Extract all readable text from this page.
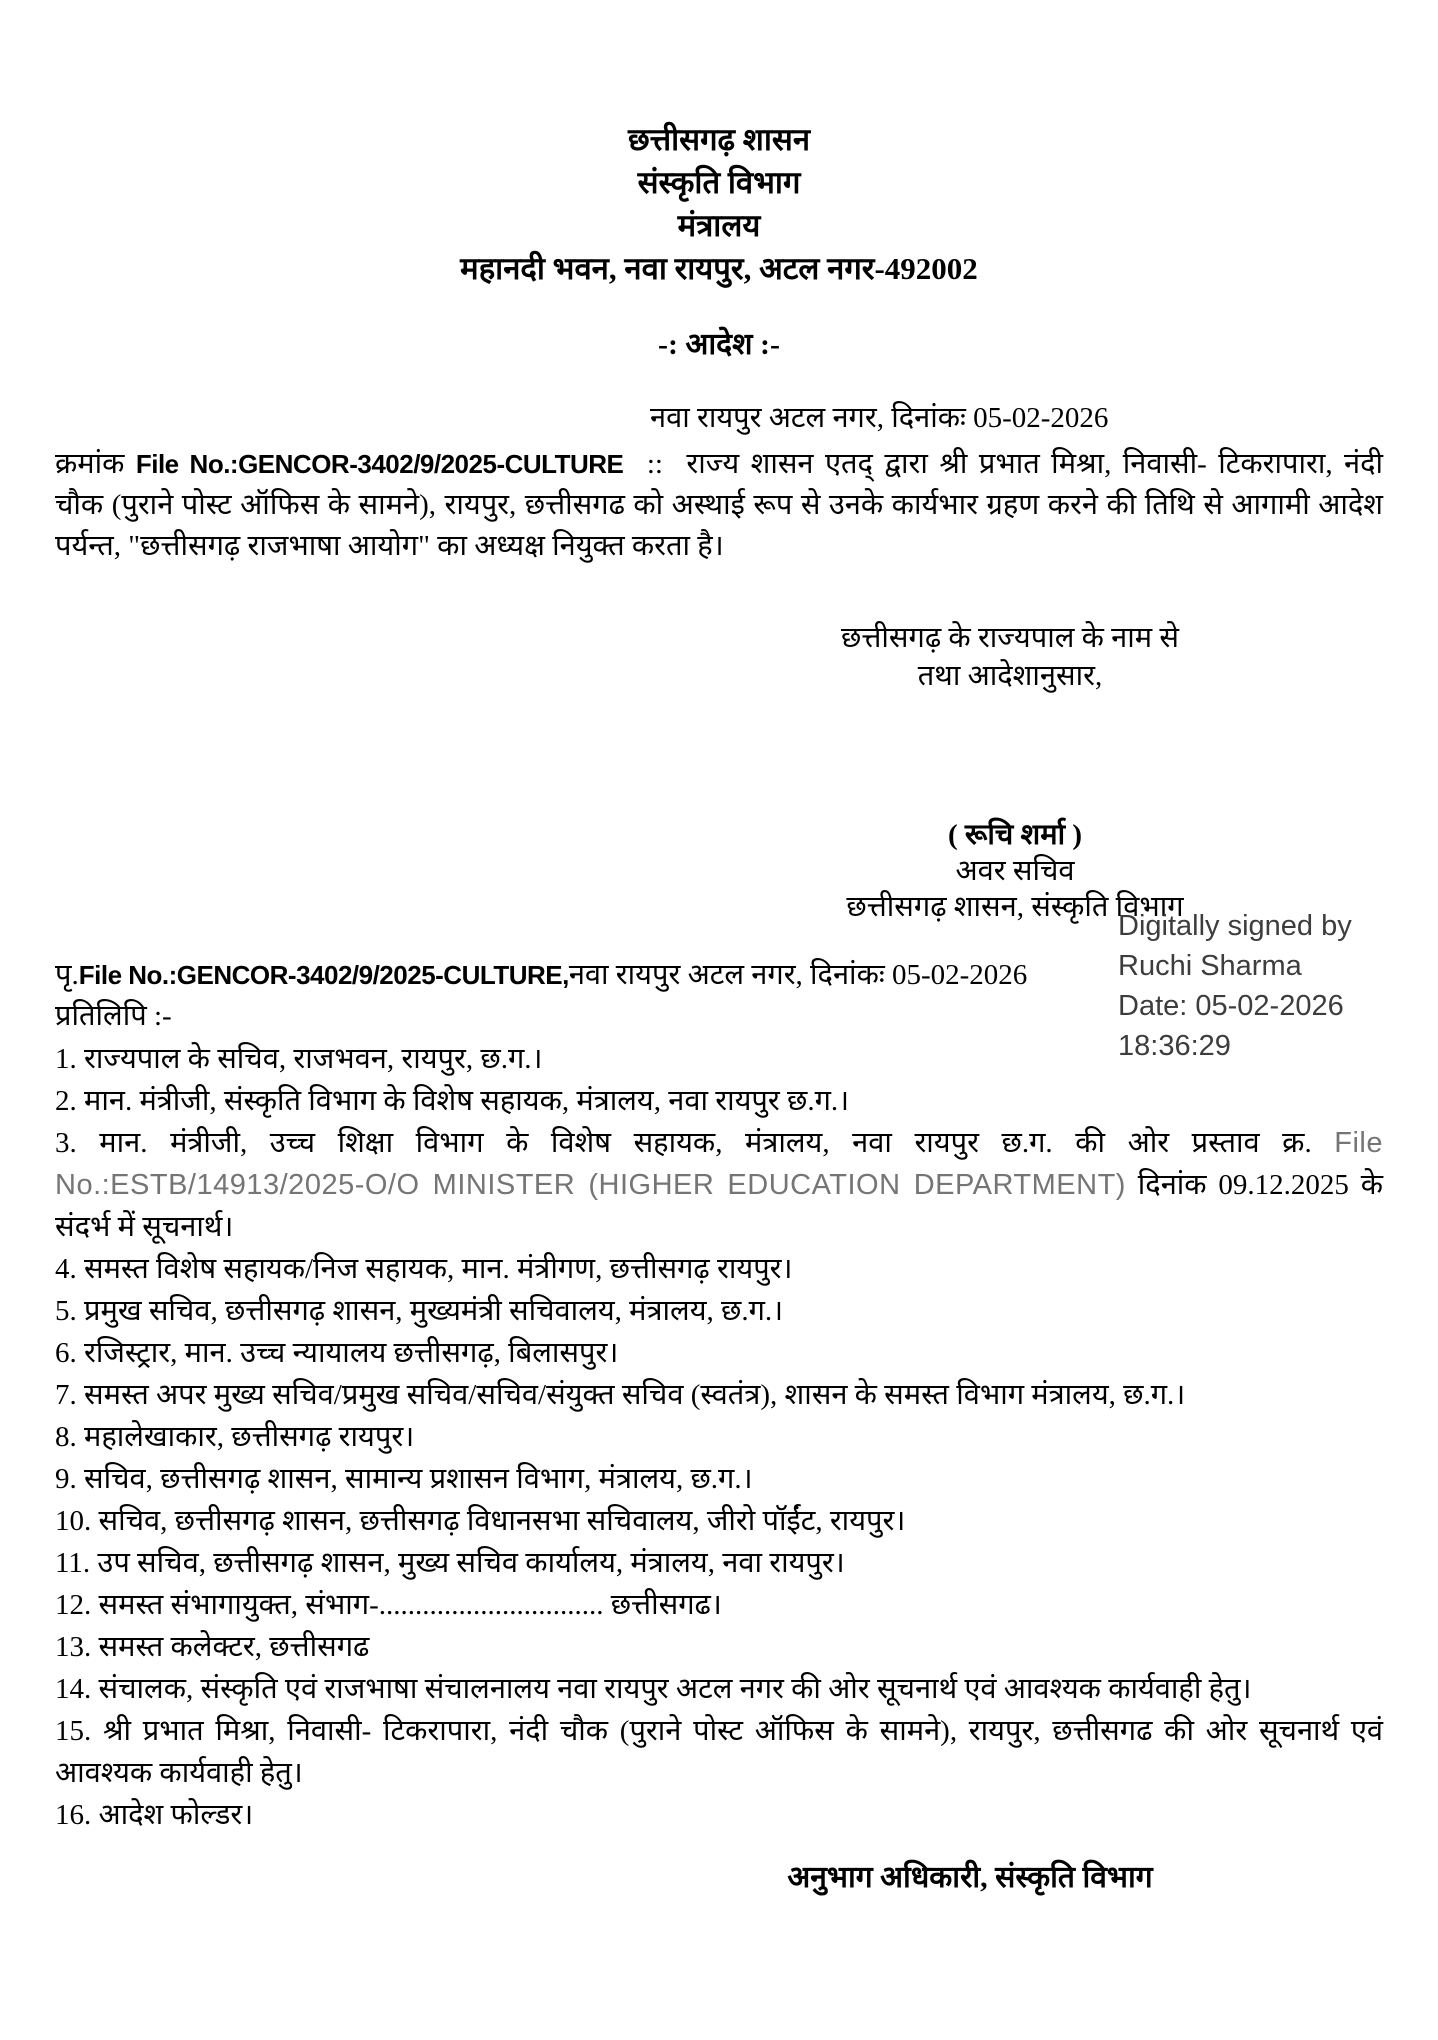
छत्तीसगढ़ शासन
संस्कृति विभाग
मंत्रालय
महानदी भवन, नवा रायपुर, अटल नगर-492002
-: आदेश :-
नवा रायपुर अटल नगर, दिनांकः 05-02-2026
क्रमांक File No.:GENCOR-3402/9/2025-CULTURE :: राज्य शासन एतद् द्वारा श्री प्रभात मिश्रा, निवासी- टिकरापारा, नंदी चौक (पुराने पोस्ट ऑफिस के सामने), रायपुर, छत्तीसगढ को अस्थाई रूप से उनके कार्यभार ग्रहण करने की तिथि से आगामी आदेश पर्यन्त, "छत्तीसगढ़ राजभाषा आयोग" का अध्यक्ष नियुक्त करता है।
छत्तीसगढ़ के राज्यपाल के नाम से
तथा आदेशानुसार,
( रूचि शर्मा )
अवर सचिव
छत्तीसगढ़ शासन, संस्कृति विभाग
Digitally signed by
Ruchi Sharma
Date: 05-02-2026
18:36:29
पृ.File No.:GENCOR-3402/9/2025-CULTURE,नवा रायपुर अटल नगर, दिनांकः 05-02-2026
प्रतिलिपि :-
1. राज्यपाल के सचिव, राजभवन, रायपुर, छ.ग.।
2. मान. मंत्रीजी, संस्कृति विभाग के विशेष सहायक, मंत्रालय, नवा रायपुर छ.ग.।
3. मान. मंत्रीजी, उच्च शिक्षा विभाग के विशेष सहायक, मंत्रालय, नवा रायपुर छ.ग. की ओर प्रस्ताव क्र. File No.:ESTB/14913/2025-O/O MINISTER (HIGHER EDUCATION DEPARTMENT) दिनांक 09.12.2025 के संदर्भ में सूचनार्थ।
4. समस्त विशेष सहायक/निज सहायक, मान. मंत्रीगण, छत्तीसगढ़ रायपुर।
5. प्रमुख सचिव, छत्तीसगढ़ शासन, मुख्यमंत्री सचिवालय, मंत्रालय, छ.ग.।
6. रजिस्ट्रार, मान. उच्च न्यायालय छत्तीसगढ़, बिलासपुर।
7. समस्त अपर मुख्य सचिव/प्रमुख सचिव/सचिव/संयुक्त सचिव (स्वतंत्र), शासन के समस्त विभाग मंत्रालय, छ.ग.।
8. महालेखाकार, छत्तीसगढ़ रायपुर।
9. सचिव, छत्तीसगढ़ शासन, सामान्य प्रशासन विभाग, मंत्रालय, छ.ग.।
10. सचिव, छत्तीसगढ़ शासन, छत्तीसगढ़ विधानसभा सचिवालय, जीरो पॉईंट, रायपुर।
11. उप सचिव, छत्तीसगढ़ शासन, मुख्य सचिव कार्यालय, मंत्रालय, नवा रायपुर।
12. समस्त संभागायुक्त, संभाग-............................... छत्तीसगढ।
13. समस्त कलेक्टर, छत्तीसगढ
14. संचालक, संस्कृति एवं राजभाषा संचालनालय नवा रायपुर अटल नगर की ओर सूचनार्थ एवं आवश्यक कार्यवाही हेतु।
15. श्री प्रभात मिश्रा, निवासी- टिकरापारा, नंदी चौक (पुराने पोस्ट ऑफिस के सामने), रायपुर, छत्तीसगढ की ओर सूचनार्थ एवं आवश्यक कार्यवाही हेतु।
16. आदेश फोल्डर।
अनुभाग अधिकारी, संस्कृति विभाग
